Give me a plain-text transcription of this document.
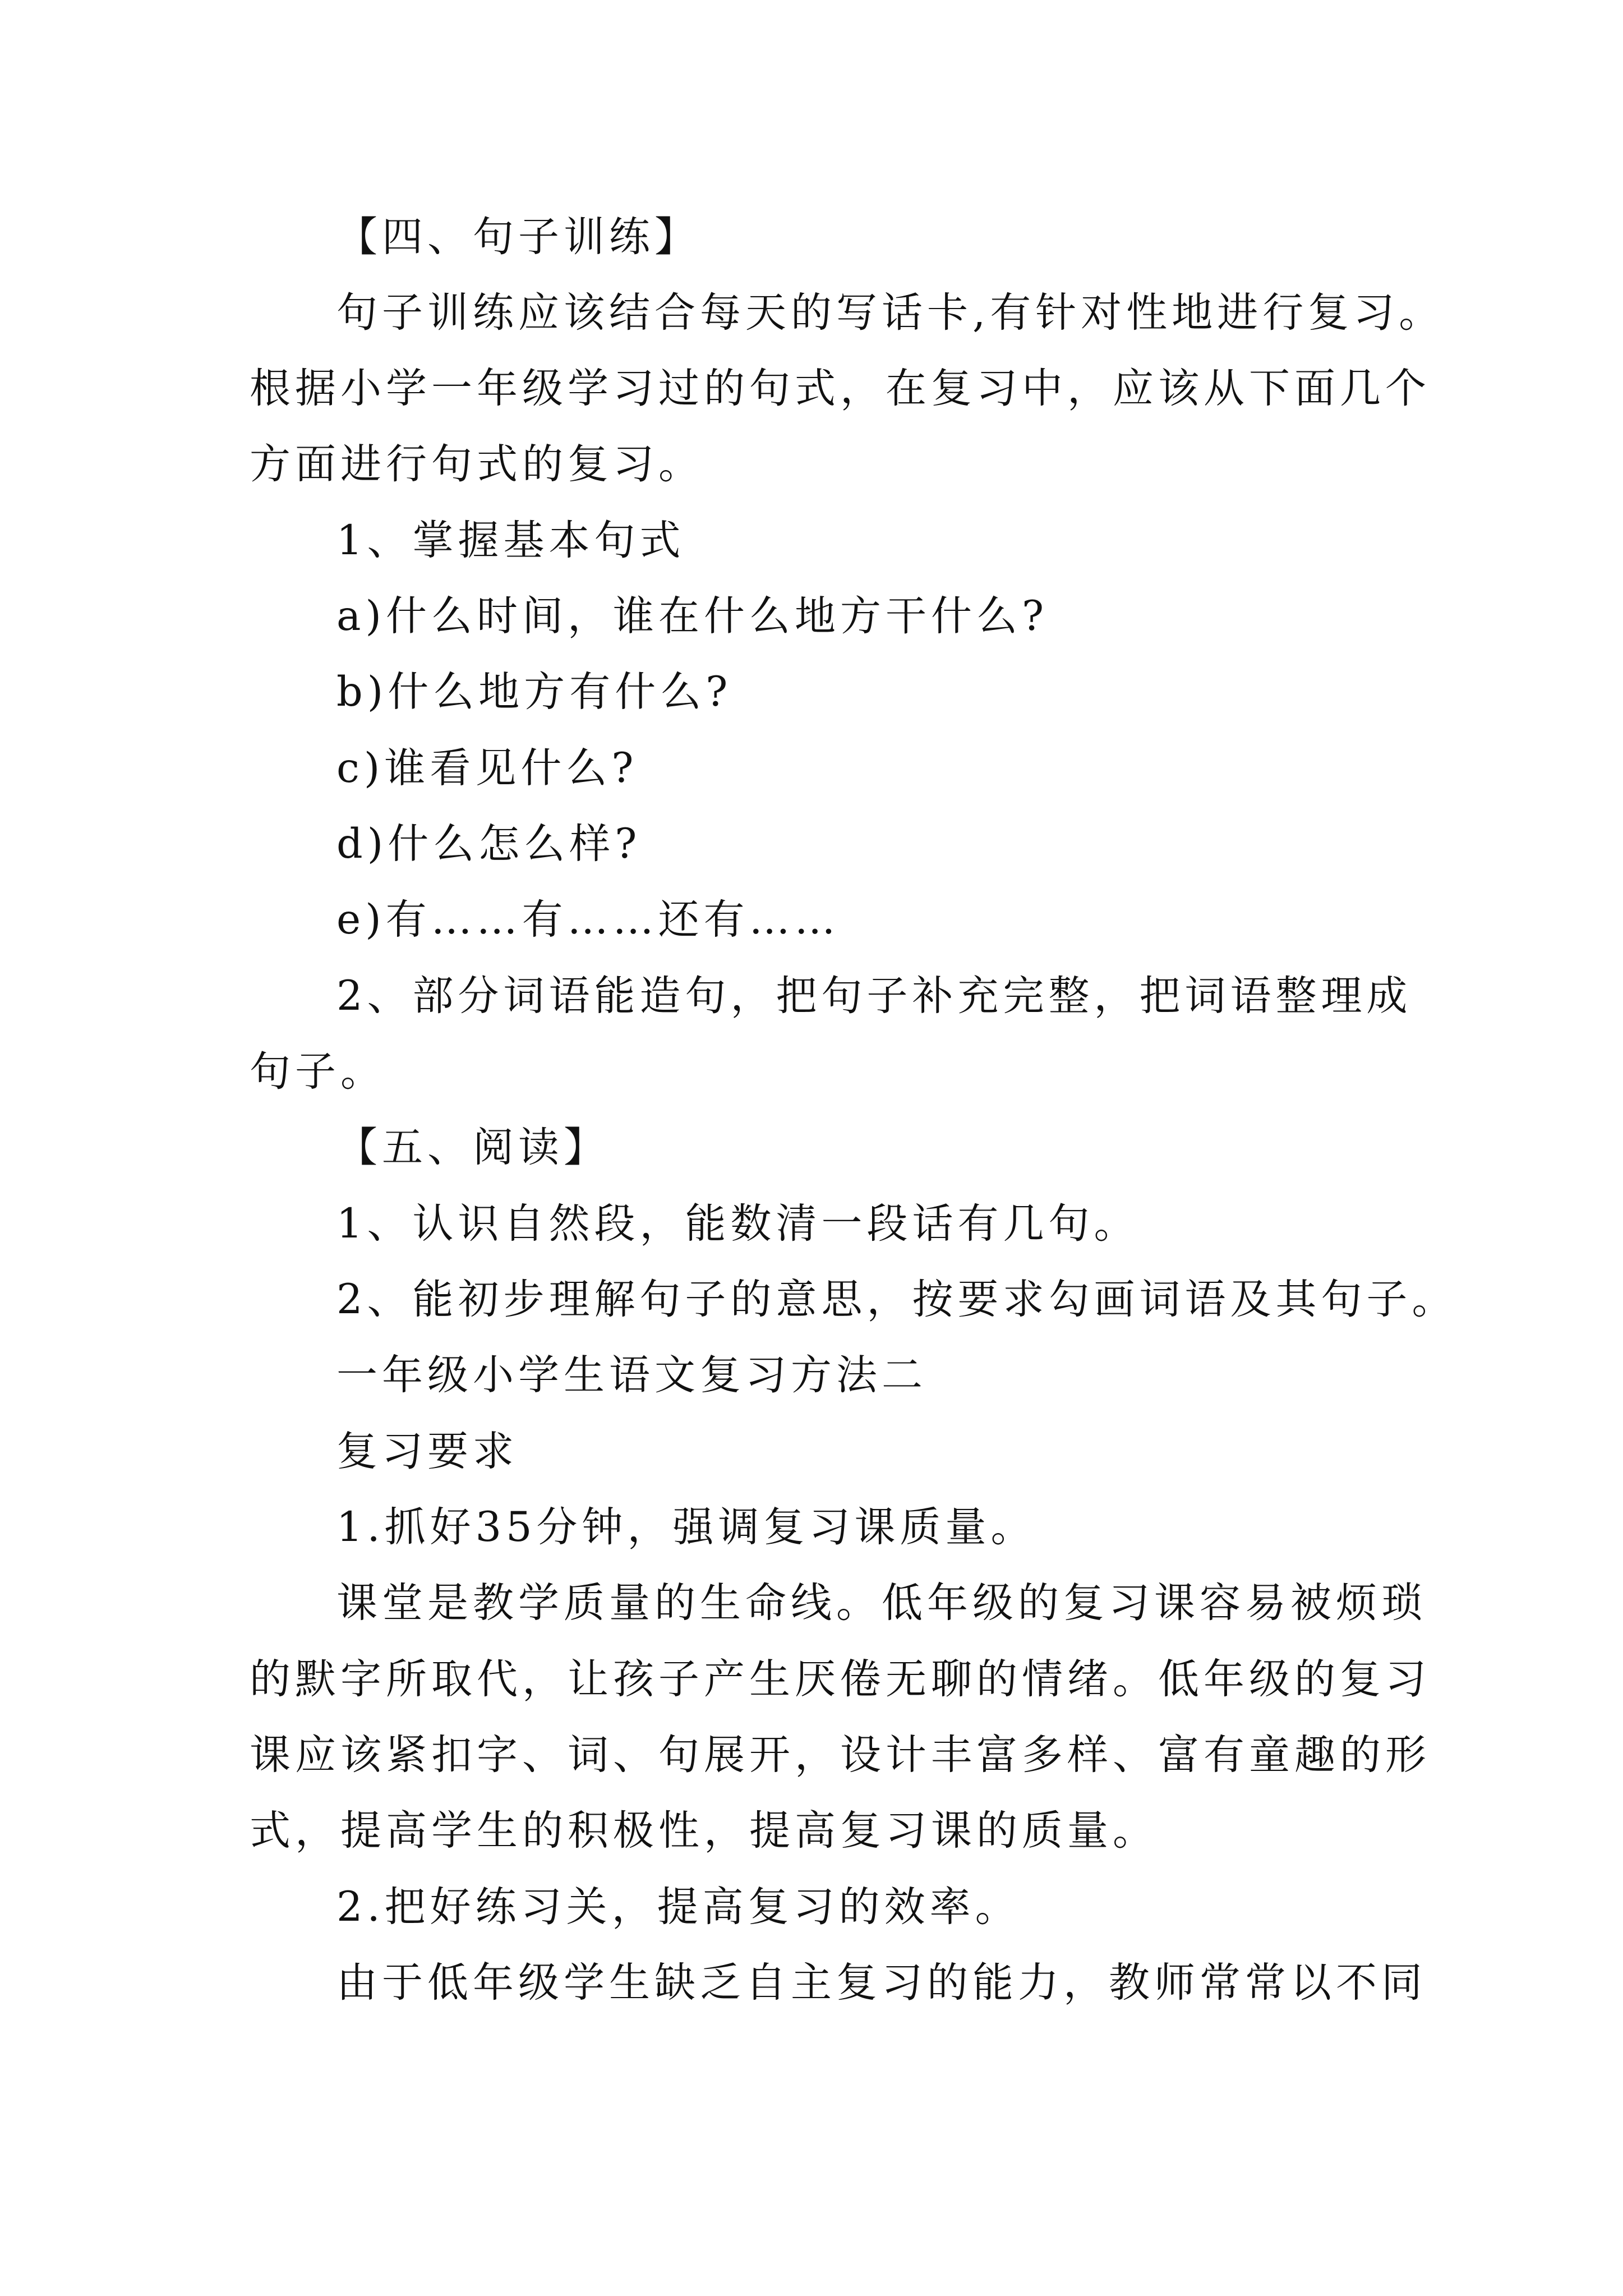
【四、句子训练】
句子训练应该结合每天的写话卡,有针对性地进行复习。
根据小学一年级学习过的句式，在复习中，应该从下面几个
方面进行句式的复习。
1、掌握基本句式
a)什么时间，谁在什么地方干什么?
b)什么地方有什么?
c)谁看见什么?
d)什么怎么样?
e)有……有……还有……
2、部分词语能造句，把句子补充完整，把词语整理成
句子。
【五、阅读】
1、认识自然段，能数清一段话有几句。
2、能初步理解句子的意思，按要求勾画词语及其句子。
一年级小学生语文复习方法二
复习要求
1.抓好35分钟，强调复习课质量。
课堂是教学质量的生命线。低年级的复习课容易被烦琐
的默字所取代，让孩子产生厌倦无聊的情绪。低年级的复习
课应该紧扣字、词、句展开，设计丰富多样、富有童趣的形
式，提高学生的积极性，提高复习课的质量。
2.把好练习关，提高复习的效率。
由于低年级学生缺乏自主复习的能力，教师常常以不同
